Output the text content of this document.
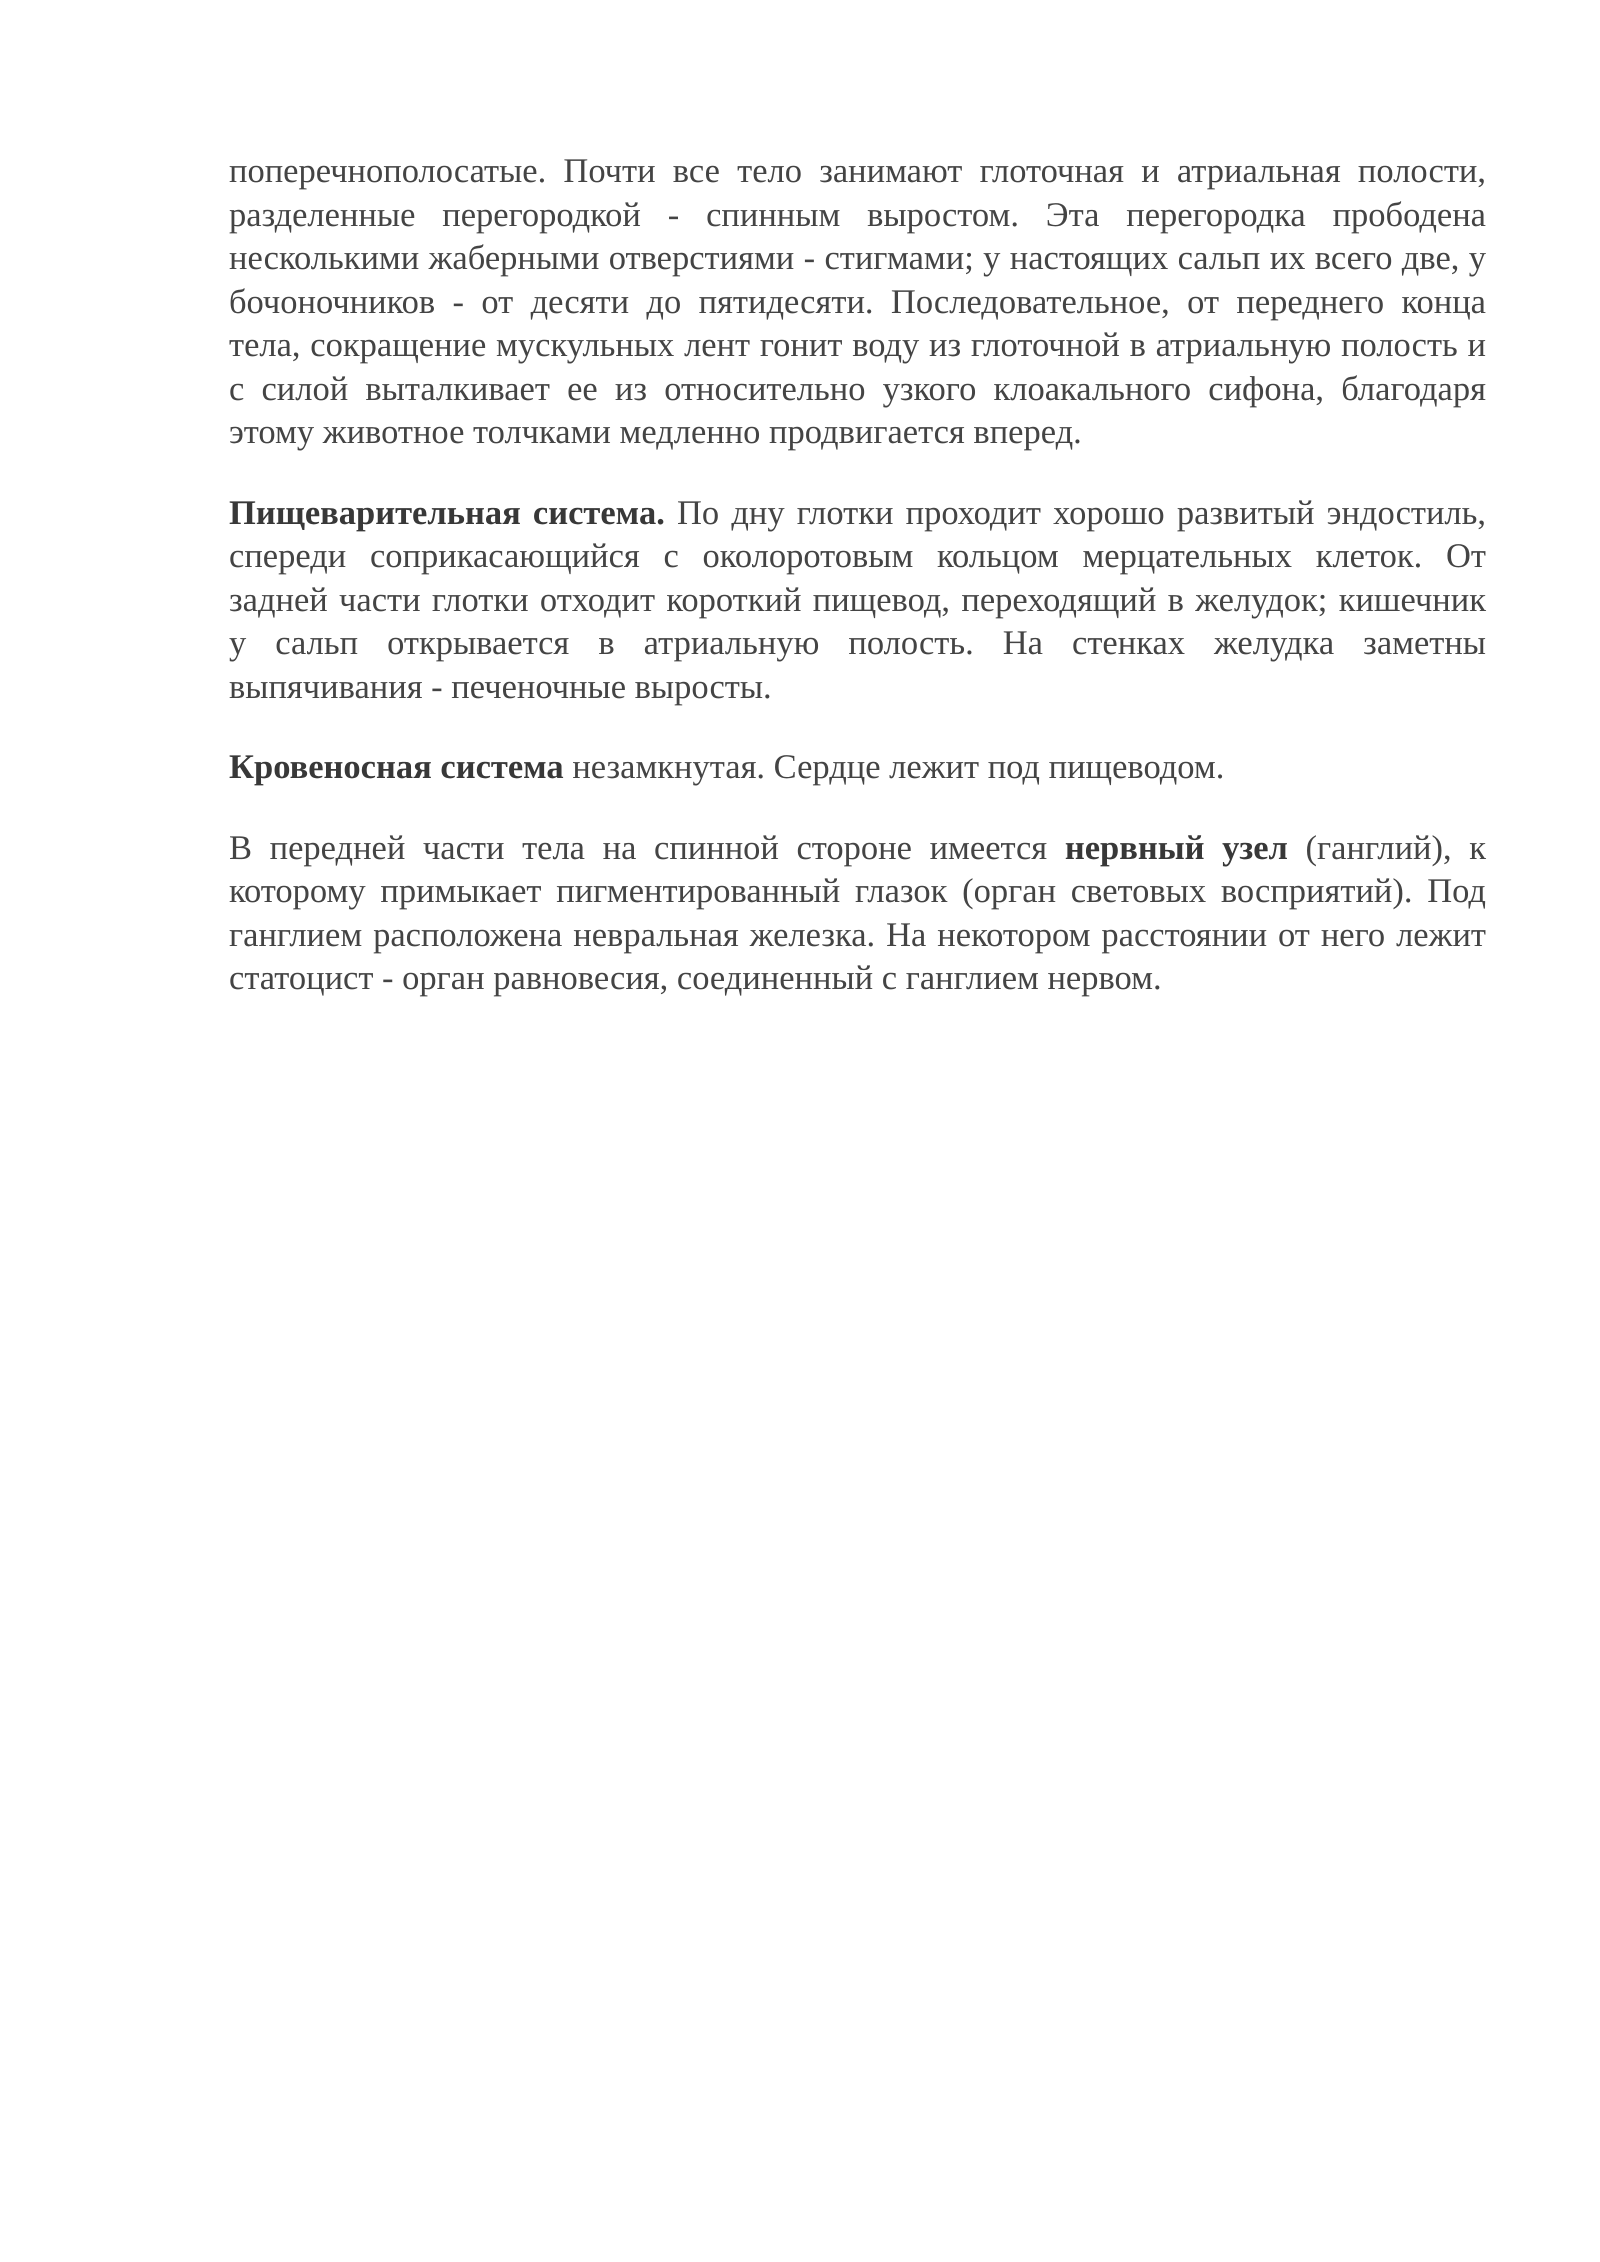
поперечнополосатые. Почти все тело занимают глоточная и атриальная полости, разделенные перегородкой - спинным выростом. Эта перегородка прободена несколькими жаберными отверстиями - стигмами; у настоящих сальп их всего две, у бочоночников - от десяти до пятидесяти. Последовательное, от переднего конца тела, сокращение мускульных лент гонит воду из глоточной в атриальную полость и с силой выталкивает ее из относительно узкого клоакального сифона, благодаря этому животное толчками медленно продвигается вперед.

Пищеварительная система. По дну глотки проходит хорошо развитый эндостиль, спереди соприкасающийся с околоротовым кольцом мерцательных клеток. От задней части глотки отходит короткий пищевод, переходящий в желудок; кишечник у сальп открывается в атриальную полость. На стенках желудка заметны выпячивания - печеночные выросты.

Кровеносная система незамкнутая. Сердце лежит под пищеводом.

В передней части тела на спинной стороне имеется нервный узел (ганглий), к которому примыкает пигментированный глазок (орган световых восприятий). Под ганглием расположена невральная железка. На некотором расстоянии от него лежит статоцист - орган равновесия, соединенный с ганглием нервом.
